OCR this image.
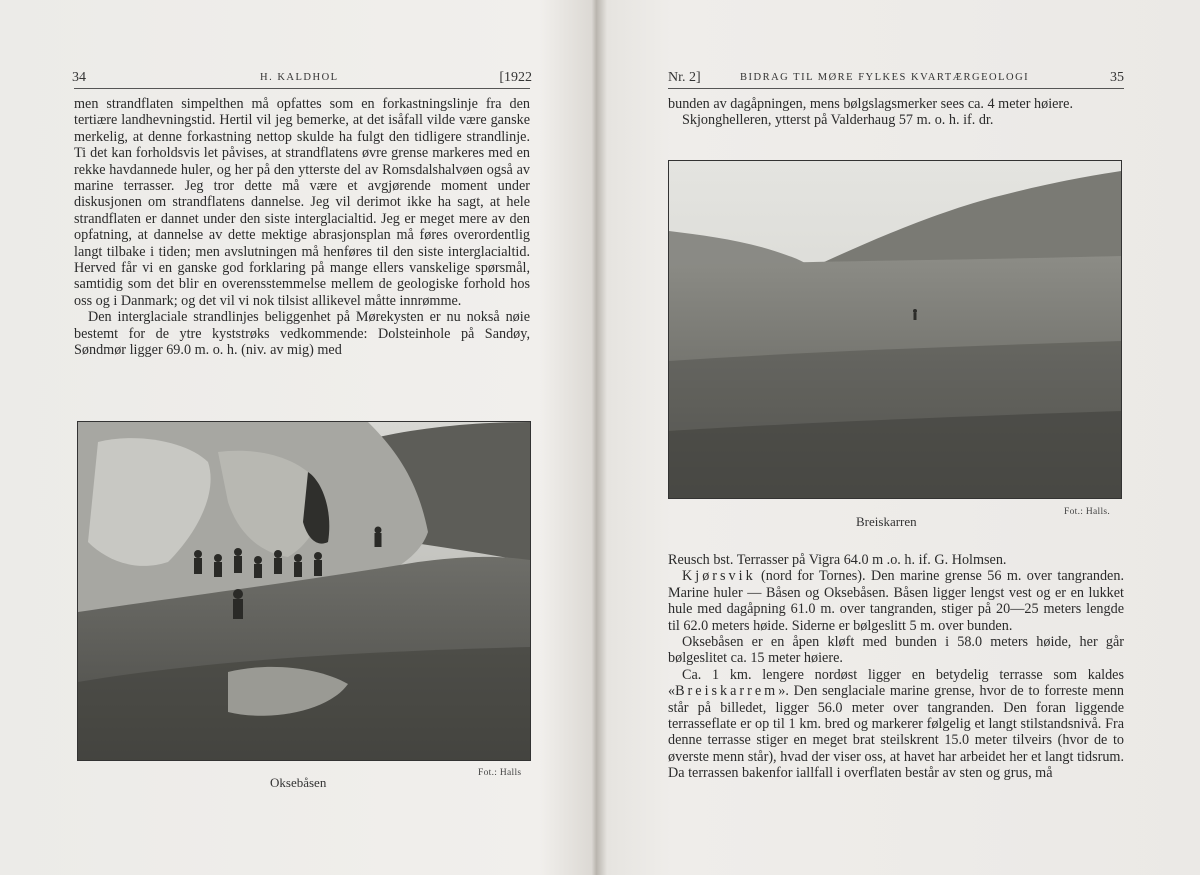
34	H. KALDHOL	[1922

men strandflaten simpelthen må opfattes som en forkastningslinje fra den tertiære landhevningstid. Hertil vil jeg bemerke, at det isåfall vilde være ganske merkelig, at denne forkastning nettop skulde ha fulgt den tidligere strandlinje. Ti det kan forholdsvis let påvises, at strandflatens øvre grense markeres med en rekke havdannede huler, og her på den ytterste del av Romsdalshalvøen også av marine terrasser. Jeg tror dette må være et avgjørende moment under diskusjonen om strandflatens dannelse. Jeg vil derimot ikke ha sagt, at hele strandflaten er dannet under den siste interglacialtid. Jeg er meget mere av den opfatning, at dannelse av dette mektige abrasjonsplan må føres overordentlig langt tilbake i tiden; men avslutningen må henføres til den siste interglacialtid. Herved får vi en ganske god forklaring på mange ellers vanskelige spørsmål, samtidig som det blir en overensstemmelse mellem de geologiske forhold hos oss og i Danmark; og det vil vi nok tilsist allikevel måtte innrømme.

Den interglaciale strandlinjes beliggenhet på Mørekysten er nu nokså nøie bestemt for de ytre kyststrøks vedkommende: Dolsteinhole på Sandøy, Søndmør ligger 69.0 m. o. h. (niv. av mig) med

Oksebåsen
Fot.: Halls
Nr. 2]	BIDRAG TIL MØRE FYLKES KVARTÆRGEOLOGI	35

bunden av dagåpningen, mens bølgslagsmerker sees ca. 4 meter høiere.

Skjonghelleren, ytterst på Valderhaug 57 m. o. h. if. dr.

Breiskarren
Fot.: Halls.

Reusch bst. Terrasser på Vigra 64.0 m .o. h. if. G. Holmsen.

Kjørsvik (nord for Tornes). Den marine grense 56 m. over tangranden. Marine huler — Båsen og Oksebåsen. Båsen ligger lengst vest og er en lukket hule med dagåpning 61.0 m. over tangranden, stiger på 20—25 meters lengde til 62.0 meters høide. Siderne er bølgeslitt 5 m. over bunden.

Oksebåsen er en åpen kløft med bunden i 58.0 meters høide, her går bølgeslitet ca. 15 meter høiere.

Ca. 1 km. lengere nordøst ligger en betydelig terrasse som kaldes «Breiskarrem». Den senglaciale marine grense, hvor de to forreste menn står på billedet, ligger 56.0 meter over tangranden. Den foran liggende terrasseflate er op til 1 km. bred og markerer følgelig et langt stilstandsnivå. Fra denne terrasse stiger en meget brat steilskrent 15.0 meter tilveirs (hvor de to øverste menn står), hvad der viser oss, at havet har arbeidet her et langt tidsrum. Da terrassen bakenfor iallfall i overflaten består av sten og grus, må
